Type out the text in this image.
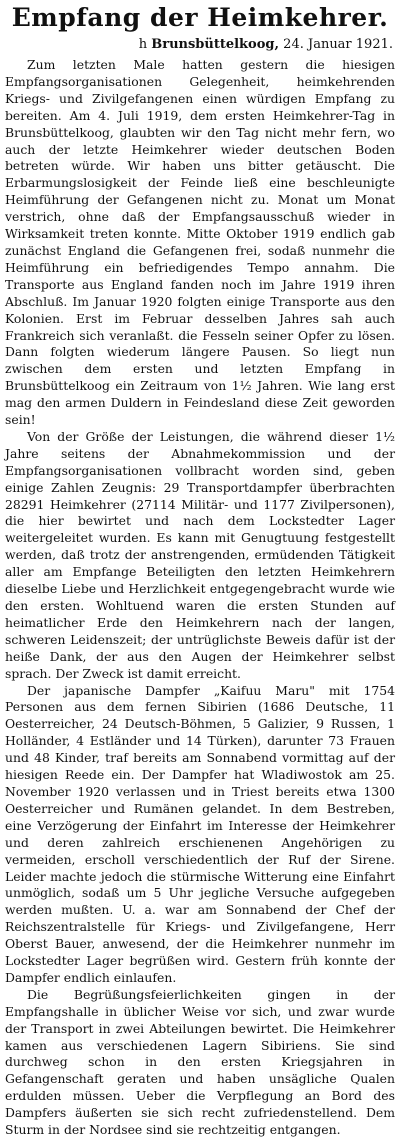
Empfang der Heimkehrer.
h Brunsbüttelkoog, 24. Januar 1921.

Zum letzten Male hatten gestern die hiesigen Empfangsorganisationen Gelegenheit, heimkehrenden Kriegs- und Zivilgefangenen einen würdigen Empfang zu bereiten. Am 4. Juli 1919, dem ersten Heimkehrer-Tag in Brunsbüttelkoog, glaubten wir den Tag nicht mehr fern, wo auch der letzte Heimkehrer wieder deutschen Boden betreten würde. Wir haben uns bitter getäuscht. Die Erbarmungslosigkeit der Feinde ließ eine beschleunigte Heimführung der Gefangenen nicht zu. Monat um Monat verstrich, ohne daß der Empfangsausschuß wieder in Wirksamkeit treten konnte. Mitte Oktober 1919 endlich gab zunächst England die Gefangenen frei, sodaß nunmehr die Heimführung ein befriedigendes Tempo annahm. Die Transporte aus England fanden noch im Jahre 1919 ihren Abschluß. Im Januar 1920 folgten einige Transporte aus den Kolonien. Erst im Februar desselben Jahres sah auch Frankreich sich veranlaßt. die Fesseln seiner Opfer zu lösen. Dann folgten wiederum längere Pausen. So liegt nun zwischen dem ersten und letzten Empfang in Brunsbüttelkoog ein Zeitraum von 1½ Jahren. Wie lang erst mag den armen Duldern in Feindesland diese Zeit geworden sein!

Von der Größe der Leistungen, die während dieser 1½ Jahre seitens der Abnahmekommission und der Empfangsorganisationen vollbracht worden sind, geben einige Zahlen Zeugnis: 29 Transportdampfer überbrachten 28291 Heimkehrer (27114 Militär- und 1177 Zivilpersonen), die hier bewirtet und nach dem Lockstedter Lager weitergeleitet wurden. Es kann mit Genugtuung festgestellt werden, daß trotz der anstrengenden, ermüdenden Tätigkeit aller am Empfange Beteiligten den letzten Heimkehrern dieselbe Liebe und Herzlichkeit entgegengebracht wurde wie den ersten. Wohltuend waren die ersten Stunden auf heimatlicher Erde den Heimkehrern nach der langen, schweren Leidenszeit; der untrüglichste Beweis dafür ist der heiße Dank, der aus den Augen der Heimkehrer selbst sprach. Der Zweck ist damit erreicht.

Der japanische Dampfer „Kaifuu Maru" mit 1754 Personen aus dem fernen Sibirien (1686 Deutsche, 11 Oesterreicher, 24 Deutsch-Böhmen, 5 Galizier, 9 Russen, 1 Holländer, 4 Estländer und 14 Türken), darunter 73 Frauen und 48 Kinder, traf bereits am Sonnabend vormittag auf der hiesigen Reede ein. Der Dampfer hat Wladiwostok am 25. November 1920 verlassen und in Triest bereits etwa 1300 Oesterreicher und Rumänen gelandet. In dem Bestreben, eine Verzögerung der Einfahrt im Interesse der Heimkehrer und deren zahlreich erschienenen Angehörigen zu vermeiden, erscholl verschiedentlich der Ruf der Sirene. Leider machte jedoch die stürmische Witterung eine Einfahrt unmöglich, sodaß um 5 Uhr jegliche Versuche aufgegeben werden mußten. U. a. war am Sonnabend der Chef der Reichszentralstelle für Kriegs- und Zivilgefangene, Herr Oberst Bauer, anwesend, der die Heimkehrer nunmehr im Lockstedter Lager begrüßen wird. Gestern früh konnte der Dampfer endlich einlaufen.

Die Begrüßungsfeierlichkeiten gingen in der Empfangshalle in üblicher Weise vor sich, und zwar wurde der Transport in zwei Abteilungen bewirtet. Die Heimkehrer kamen aus verschiedenen Lagern Sibiriens. Sie sind durchweg schon in den ersten Kriegsjahren in Gefangenschaft geraten und haben unsägliche Qualen erdulden müssen. Ueber die Verpflegung an Bord des Dampfers äußerten sie sich recht zufriedenstellend. Dem Sturm in der Nordsee sind sie rechtzeitig entgangen.
